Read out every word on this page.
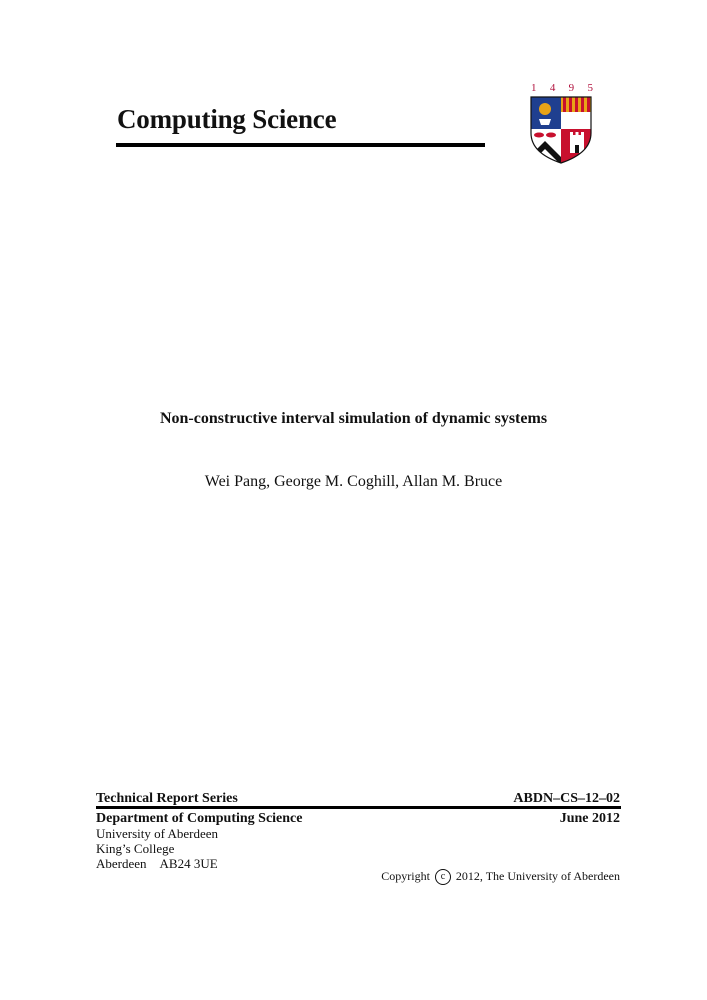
Computing Science
1 4 9 5
Non-constructive interval simulation of dynamic systems
Wei Pang, George M. Coghill, Allan M. Bruce
Technical Report Series	ABDN–CS–12–02
Department of Computing Science	June 2012
University of Aberdeen
King’s College
Aberdeen AB24 3UE
Copyright c 2012, The University of Aberdeen
